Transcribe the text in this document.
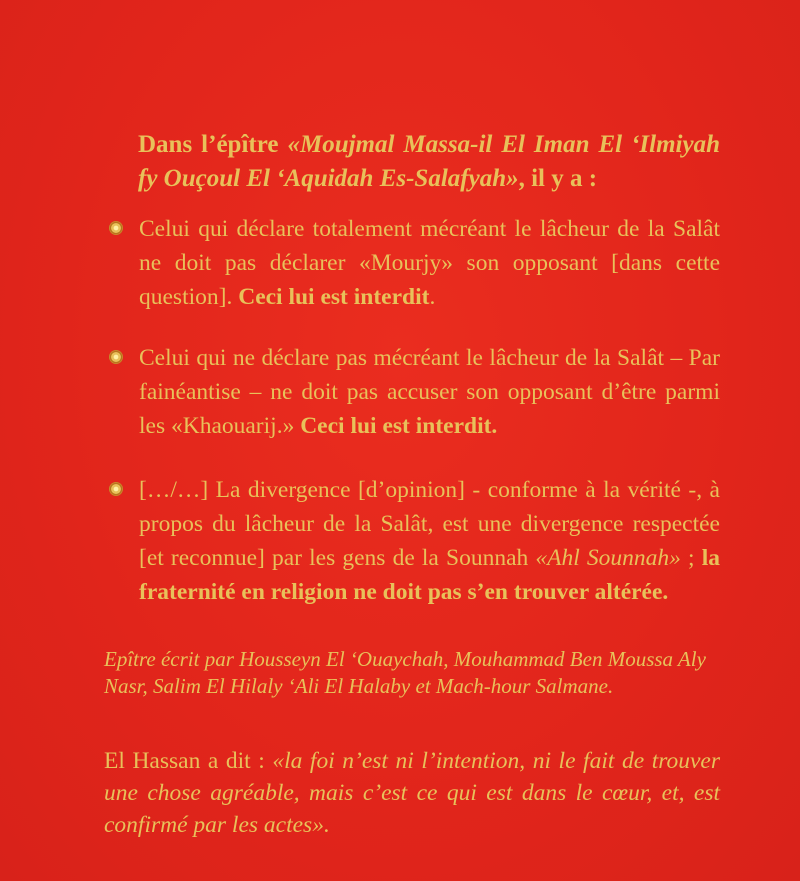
Dans l’épître «Moujmal Massa-il El Iman El ‘Ilmiyah fy Ouçoul El ‘Aquidah Es-Salafyah», il y a :
Celui qui déclare totalement mécréant le lâcheur de la Salât ne doit pas déclarer «Mourjy» son opposant [dans cette question]. Ceci lui est interdit.
Celui qui ne déclare pas mécréant le lâcheur de la Salât – Par fainéantise – ne doit pas accuser son opposant d’être parmi les «Khaouarij.» Ceci lui est interdit.
[…/…] La divergence [d’opinion] - conforme à la vérité -, à propos du lâcheur de la Salât, est une divergence respectée [et reconnue] par les gens de la Sounnah «Ahl Sounnah» ; la fraternité en religion ne doit pas s’en trouver altérée.
Epître écrit par Housseyn El ‘Ouaychah, Mouhammad Ben Moussa Aly Nasr, Salim El Hilaly ‘Ali El Halaby et Mach-hour Salmane.
El Hassan a dit : «la foi n’est ni l’intention, ni le fait de trouver une chose agréable, mais c’est ce qui est dans le cœur, et, est confirmé par les actes».
